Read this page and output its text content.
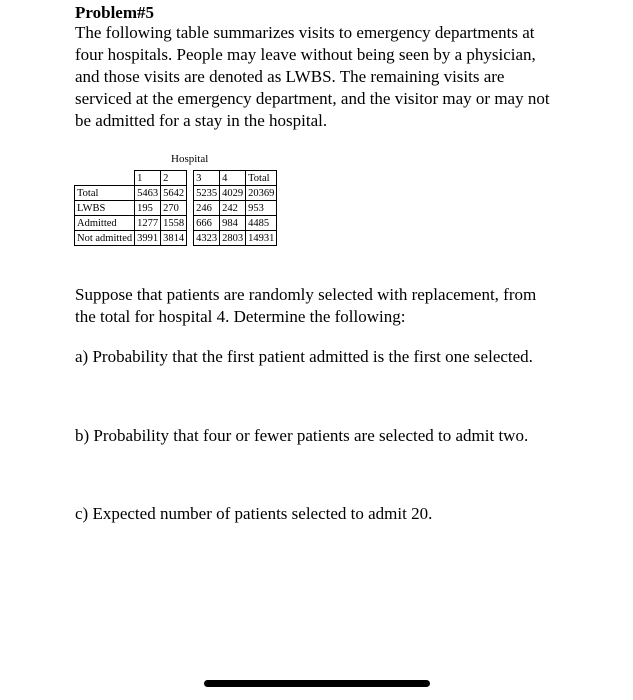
Problem#5
The following table summarizes visits to emergency departments at four hospitals. People may leave without being seen by a physician, and those visits are denoted as LWBS. The remaining visits are serviced at the emergency department, and the visitor may or may not be admitted for a stay in the hospital.
Hospital
	1	2		3	4	Total
Total	5463	5642		5235	4029	20369
LWBS	195	270		246	242	953
Admitted	1277	1558		666	984	4485
Not admitted	3991	3814		4323	2803	14931
Suppose that patients are randomly selected with replacement, from the total for hospital 4. Determine the following:
a) Probability that the first patient admitted is the first one selected.
b) Probability that four or fewer patients are selected to admit two.
c) Expected number of patients selected to admit 20.
